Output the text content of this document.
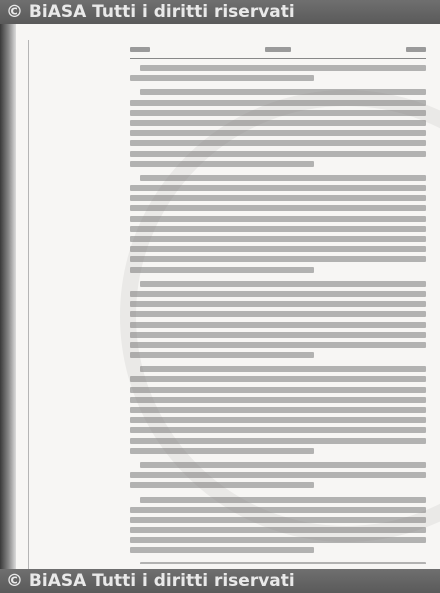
© BiASA Tutti i diritti riservati
© BiASA Tutti i diritti riservati
